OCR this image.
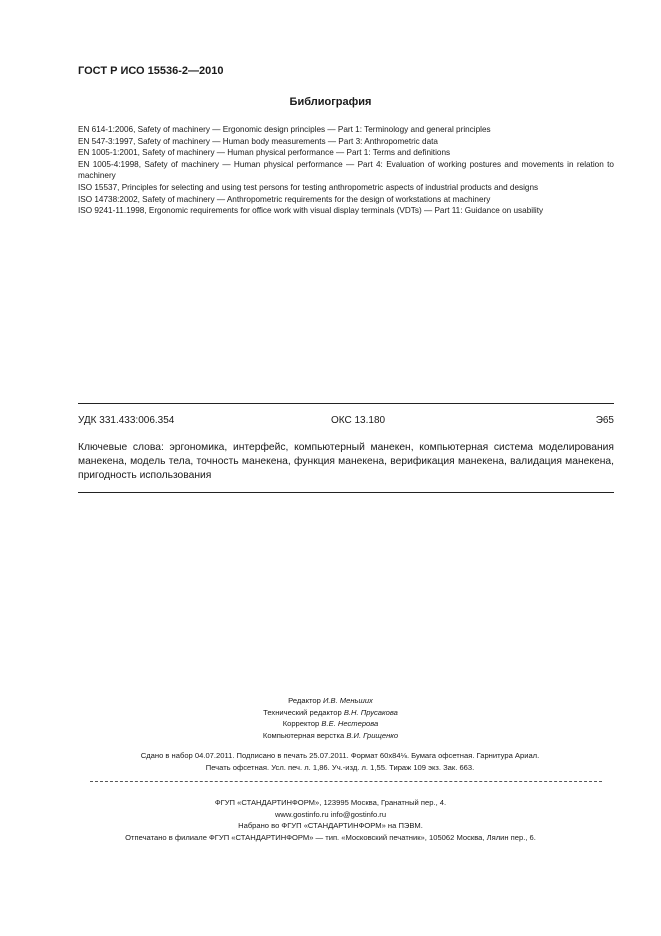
ГОСТ Р ИСО 15536-2—2010
Библиография

EN 614-1:2006, Safety of machinery — Ergonomic design principles — Part 1: Terminology and general principles

EN 547-3:1997, Safety of machinery — Human body measurements — Part 3: Anthropometric data

EN 1005-1:2001, Safety of machinery — Human physical performance — Part 1: Terms and definitions

EN 1005-4:1998, Safety of machinery — Human physical performance — Part 4: Evaluation of working postures and movements in relation to machinery

ISO 15537, Principles for selecting and using test persons for testing anthropometric aspects of industrial products and designs

ISO 14738:2002, Safety of machinery — Anthropometric requirements for the design of workstations at machinery

ISO 9241-11.1998, Ergonomic requirements for office work with visual display terminals (VDTs) — Part 11: Guidance on usability

УДК 331.433:006.354	ОКС 13.180	Э65
Ключевые слова: эргономика, интерфейс, компьютерный манекен, компьютерная система моделирования манекена, модель тела, точность манекена, функция манекена, верификация манекена, валидация манекена, пригодность использования
Редактор И.В. Меньших
Технический редактор В.Н. Прусакова
Корректор В.Е. Нестерова
Компьютерная верстка В.И. Грищенко
Сдано в набор 04.07.2011. Подписано в печать 25.07.2011. Формат 60х84⅛. Бумага офсетная. Гарнитура Ариал.
Печать офсетная. Усл. печ. л. 1,86. Уч.-изд. л. 1,55. Тираж 109 экз. Зак. 663.
ФГУП «СТАНДАРТИНФОРМ», 123995 Москва, Гранатный пер., 4.
www.gostinfo.ru info@gostinfo.ru
Набрано во ФГУП «СТАНДАРТИНФОРМ» на ПЭВМ.
Отпечатано в филиале ФГУП «СТАНДАРТИНФОРМ» — тип. «Московский печатник», 105062 Москва, Лялин пер., 6.
